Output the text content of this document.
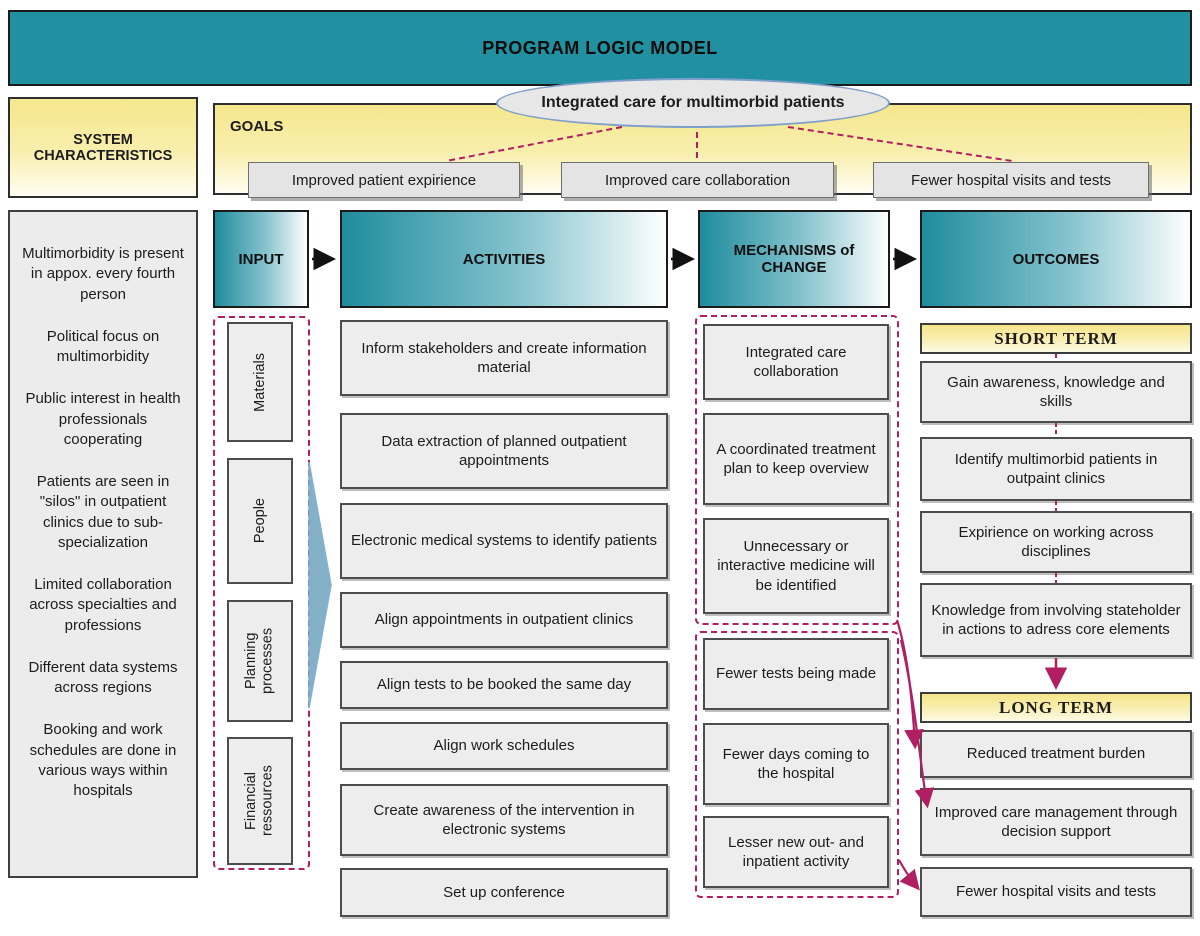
PROGRAM LOGIC MODEL
SYSTEM CHARACTERISTICS
GOALS
Improved patient expirience	Improved care collaboration	Fewer hospital visits and tests
Integrated care for multimorbid patients
INPUT	ACTIVITIES	MECHANISMS of CHANGE	OUTCOMES

Multimorbidity is present in appox. every fourth person

Political focus on multimorbidity

Public interest in health professionals cooperating

Patients are seen in "silos" in outpatient clinics due to sub-specialization

Limited collaboration across specialties and professions

Different data systems across regions

Booking and work schedules are done in various ways within hospitals

Materials
People
Planning processes
Financial ressources
Inform stakeholders and create information material
Data extraction of planned outpatient appointments
Electronic medical systems to identify patients
Align appointments in outpatient clinics
Align tests to be booked the same day
Align work schedules
Create awareness of the intervention in electronic systems
Set up conference
Integrated care collaboration
A coordinated treatment plan to keep overview
Unnecessary or interactive medicine will be identified
Fewer tests being made
Fewer days coming to the hospital
Lesser new out- and inpatient activity
SHORT TERM
Gain awareness, knowledge and skills
Identify multimorbid patients in outpaint clinics
Expirience on working across disciplines
Knowledge from involving stateholder in actions to adress core elements
LONG TERM
Reduced treatment burden
Improved care management through decision support
Fewer hospital visits and tests
